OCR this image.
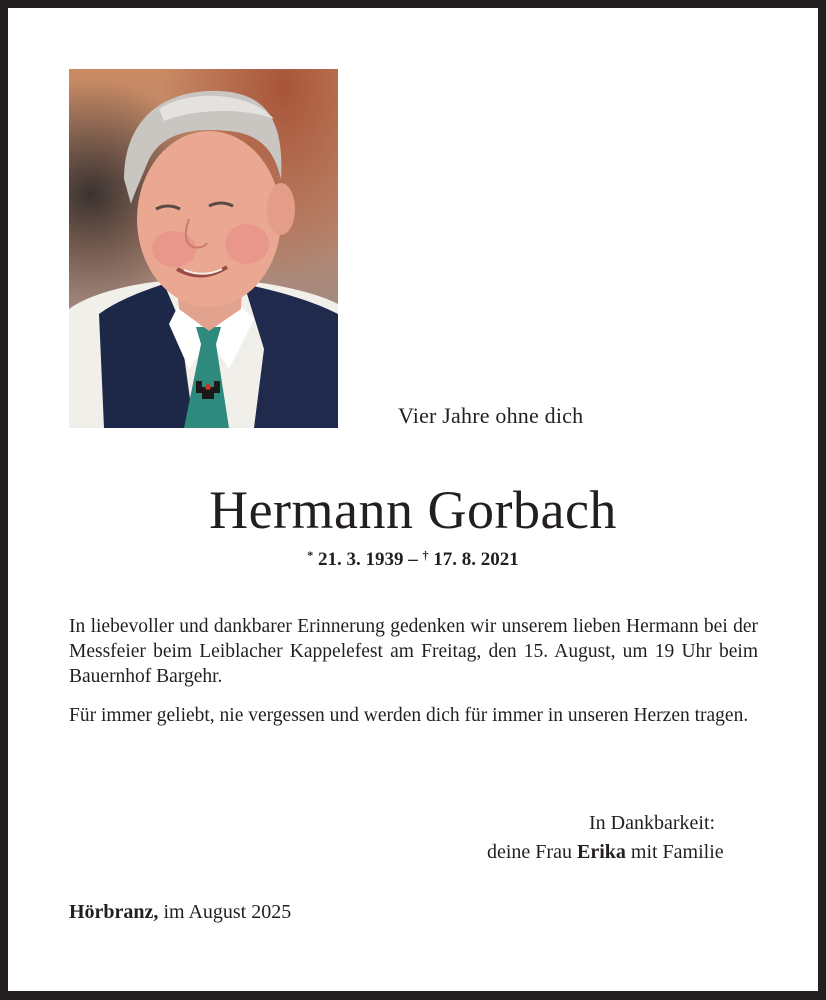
Vier Jahre ohne dich
Hermann Gorbach
* 21. 3. 1939 – † 17. 8. 2021
In liebevoller und dankbarer Erinnerung gedenken wir unserem lieben Hermann bei der Messfeier beim Leiblacher Kappelefest am Freitag, den 15. August, um 19 Uhr beim Bauernhof Bargehr.
Für immer geliebt, nie vergessen und werden dich für immer in unseren Herzen tragen.
In Dankbarkeit:
deine Frau Erika mit Familie
Hörbranz, im August 2025
